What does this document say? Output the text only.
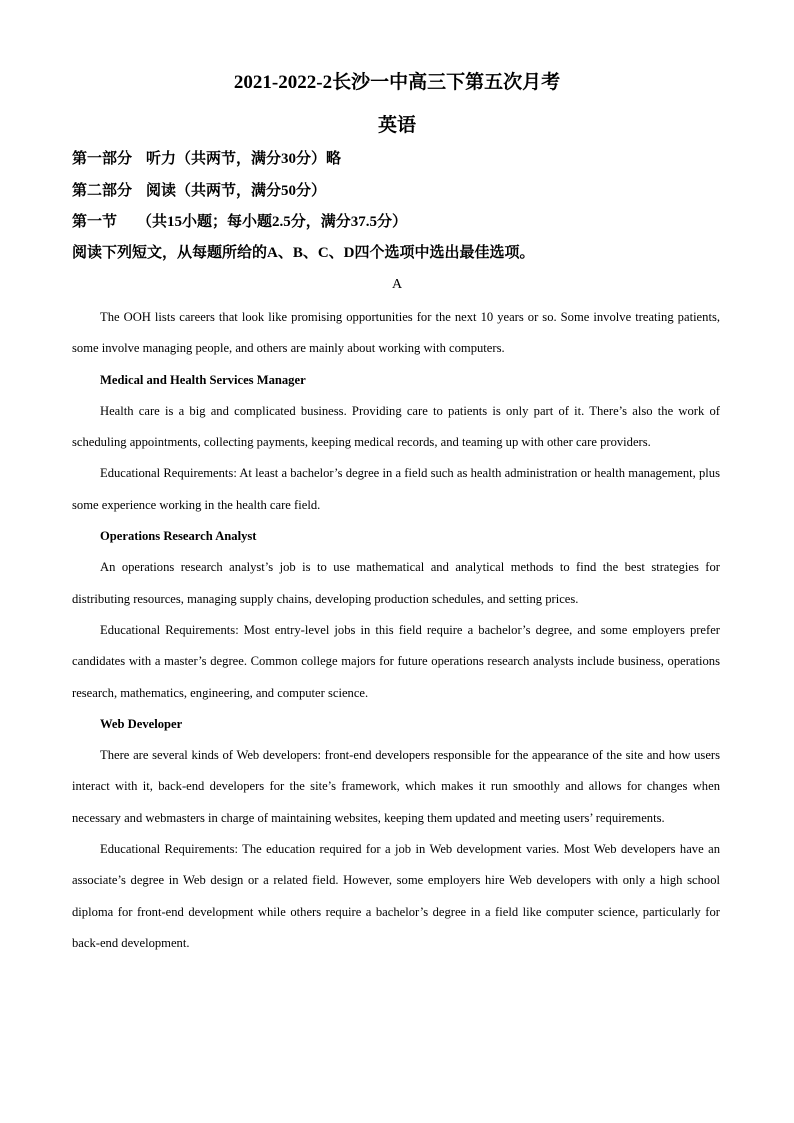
2021-2022-2长沙一中高三下第五次月考
英语
第一部分 听力（共两节，满分30分）略
第二部分 阅读（共两节，满分50分）
第一节 （共15小题；每小题2.5分，满分37.5分）
阅读下列短文，从每题所给的A、B、C、D四个选项中选出最佳选项。
A

The OOH lists careers that look like promising opportunities for the next 10 years or so. Some involve treating patients, some involve managing people, and others are mainly about working with computers.

Medical and Health Services Manager

Health care is a big and complicated business. Providing care to patients is only part of it. There’s also the work of scheduling appointments, collecting payments, keeping medical records, and teaming up with other care providers.

Educational Requirements: At least a bachelor’s degree in a field such as health administration or health management, plus some experience working in the health care field.

Operations Research Analyst

An operations research analyst’s job is to use mathematical and analytical methods to find the best strategies for distributing resources, managing supply chains, developing production schedules, and setting prices.

Educational Requirements: Most entry-level jobs in this field require a bachelor’s degree, and some employers prefer candidates with a master’s degree. Common college majors for future operations research analysts include business, operations research, mathematics, engineering, and computer science.

Web Developer

There are several kinds of Web developers: front-end developers responsible for the appearance of the site and how users interact with it, back-end developers for the site’s framework, which makes it run smoothly and allows for changes when necessary and webmasters in charge of maintaining websites, keeping them updated and meeting users’ requirements.

Educational Requirements: The education required for a job in Web development varies. Most Web developers have an associate’s degree in Web design or a related field. However, some employers hire Web developers with only a high school diploma for front-end development while others require a bachelor’s degree in a field like computer science, particularly for back-end development.
